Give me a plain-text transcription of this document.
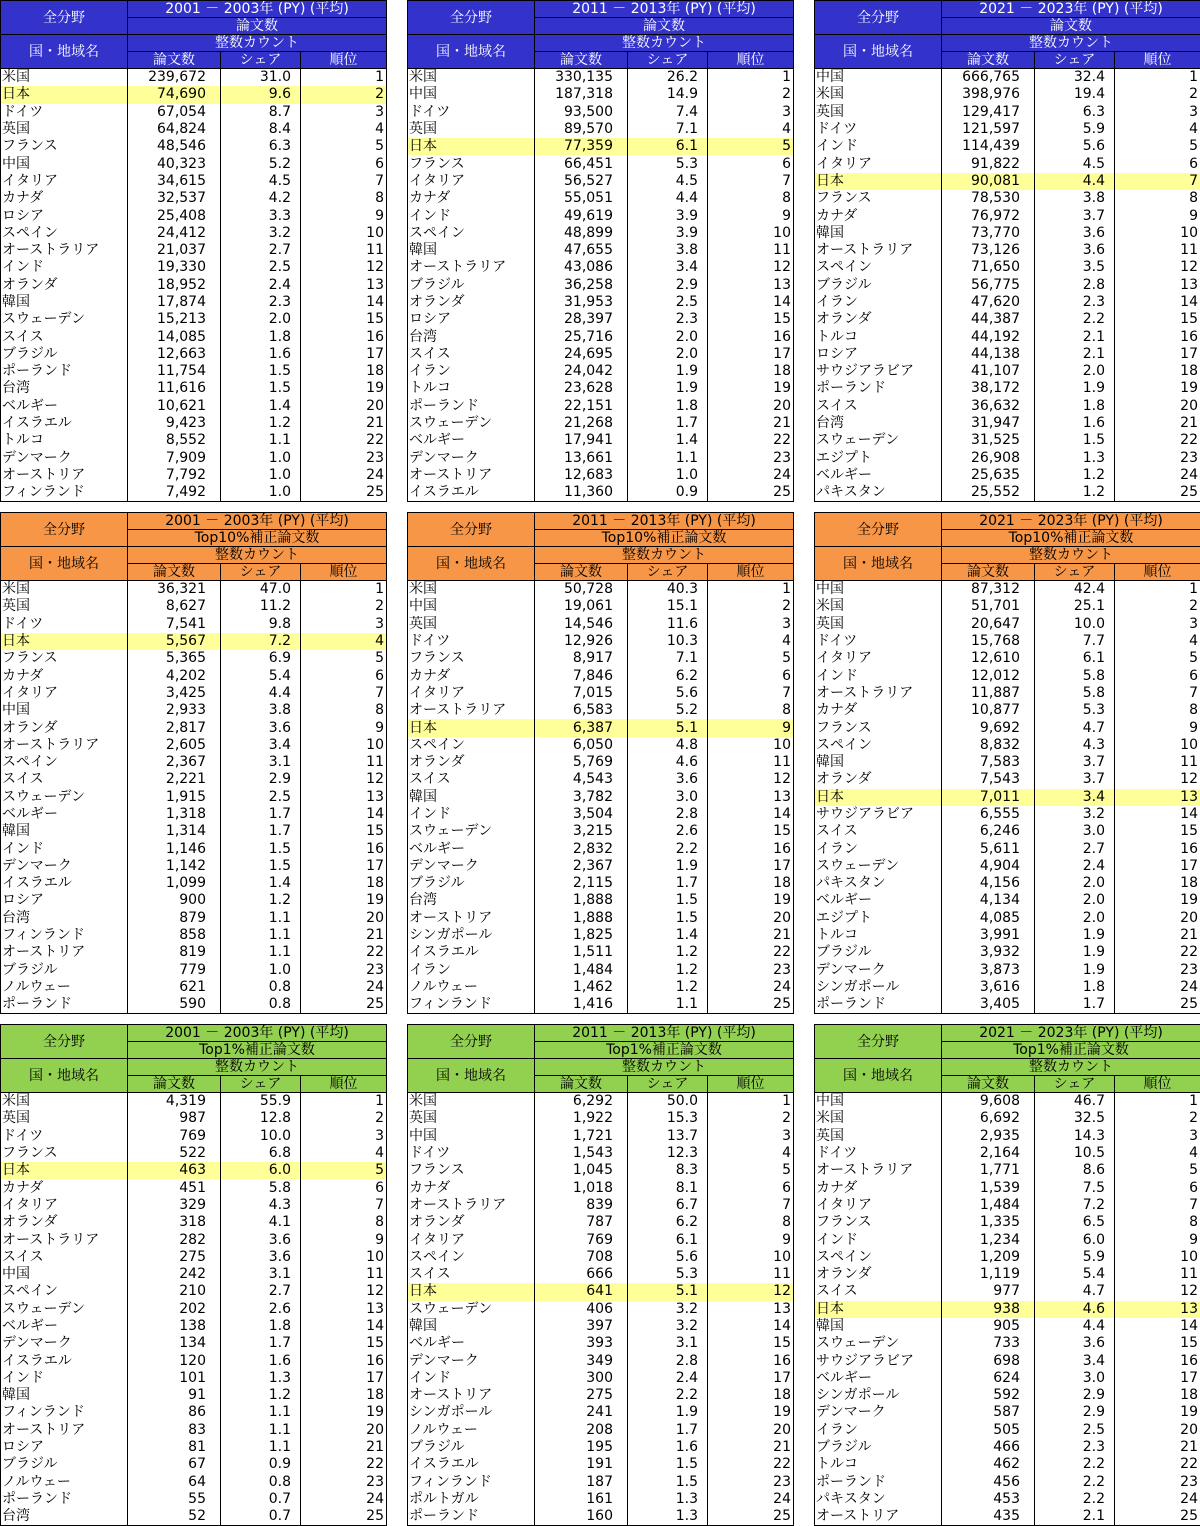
全分野	2001 － 2003年 (PY) (平均)		
	論文数		
国・地域名	整数カウント		
	論文数	シェア	順位
米国	239,672	31.0	1
日本	74,690	9.6	2
ドイツ	67,054	8.7	3
英国	64,824	8.4	4
フランス	48,546	6.3	5
中国	40,323	5.2	6
イタリア	34,615	4.5	7
カナダ	32,537	4.2	8
ロシア	25,408	3.3	9
スペイン	24,412	3.2	10
オーストラリア	21,037	2.7	11
インド	19,330	2.5	12
オランダ	18,952	2.4	13
韓国	17,874	2.3	14
スウェーデン	15,213	2.0	15
スイス	14,085	1.8	16
ブラジル	12,663	1.6	17
ポーランド	11,754	1.5	18
台湾	11,616	1.5	19
ベルギー	10,621	1.4	20
イスラエル	9,423	1.2	21
トルコ	8,552	1.1	22
デンマーク	7,909	1.0	23
オーストリア	7,792	1.0	24
フィンランド	7,492	1.0	25
全分野	2011 － 2013年 (PY) (平均)		
	論文数		
国・地域名	整数カウント		
	論文数	シェア	順位
米国	330,135	26.2	1
中国	187,318	14.9	2
ドイツ	93,500	7.4	3
英国	89,570	7.1	4
日本	77,359	6.1	5
フランス	66,451	5.3	6
イタリア	56,527	4.5	7
カナダ	55,051	4.4	8
インド	49,619	3.9	9
スペイン	48,899	3.9	10
韓国	47,655	3.8	11
オーストラリア	43,086	3.4	12
ブラジル	36,258	2.9	13
オランダ	31,953	2.5	14
ロシア	28,397	2.3	15
台湾	25,716	2.0	16
スイス	24,695	2.0	17
イラン	24,042	1.9	18
トルコ	23,628	1.9	19
ポーランド	22,151	1.8	20
スウェーデン	21,268	1.7	21
ベルギー	17,941	1.4	22
デンマーク	13,661	1.1	23
オーストリア	12,683	1.0	24
イスラエル	11,360	0.9	25
全分野	2021 － 2023年 (PY) (平均)		
	論文数		
国・地域名	整数カウント		
	論文数	シェア	順位
中国	666,765	32.4	1
米国	398,976	19.4	2
英国	129,417	6.3	3
ドイツ	121,597	5.9	4
インド	114,439	5.6	5
イタリア	91,822	4.5	6
日本	90,081	4.4	7
フランス	78,530	3.8	8
カナダ	76,972	3.7	9
韓国	73,770	3.6	10
オーストラリア	73,126	3.6	11
スペイン	71,650	3.5	12
ブラジル	56,775	2.8	13
イラン	47,620	2.3	14
オランダ	44,387	2.2	15
トルコ	44,192	2.1	16
ロシア	44,138	2.1	17
サウジアラビア	41,107	2.0	18
ポーランド	38,172	1.9	19
スイス	36,632	1.8	20
台湾	31,947	1.6	21
スウェーデン	31,525	1.5	22
エジプト	26,908	1.3	23
ベルギー	25,635	1.2	24
パキスタン	25,552	1.2	25
全分野	2001 － 2003年 (PY) (平均)		
	Top10%補正論文数		
国・地域名	整数カウント		
	論文数	シェア	順位
米国	36,321	47.0	1
英国	8,627	11.2	2
ドイツ	7,541	9.8	3
日本	5,567	7.2	4
フランス	5,365	6.9	5
カナダ	4,202	5.4	6
イタリア	3,425	4.4	7
中国	2,933	3.8	8
オランダ	2,817	3.6	9
オーストラリア	2,605	3.4	10
スペイン	2,367	3.1	11
スイス	2,221	2.9	12
スウェーデン	1,915	2.5	13
ベルギー	1,318	1.7	14
韓国	1,314	1.7	15
インド	1,146	1.5	16
デンマーク	1,142	1.5	17
イスラエル	1,099	1.4	18
ロシア	900	1.2	19
台湾	879	1.1	20
フィンランド	858	1.1	21
オーストリア	819	1.1	22
ブラジル	779	1.0	23
ノルウェー	621	0.8	24
ポーランド	590	0.8	25
全分野	2011 － 2013年 (PY) (平均)		
	Top10%補正論文数		
国・地域名	整数カウント		
	論文数	シェア	順位
米国	50,728	40.3	1
中国	19,061	15.1	2
英国	14,546	11.6	3
ドイツ	12,926	10.3	4
フランス	8,917	7.1	5
カナダ	7,846	6.2	6
イタリア	7,015	5.6	7
オーストラリア	6,583	5.2	8
日本	6,387	5.1	9
スペイン	6,050	4.8	10
オランダ	5,769	4.6	11
スイス	4,543	3.6	12
韓国	3,782	3.0	13
インド	3,504	2.8	14
スウェーデン	3,215	2.6	15
ベルギー	2,832	2.2	16
デンマーク	2,367	1.9	17
ブラジル	2,115	1.7	18
台湾	1,888	1.5	19
オーストリア	1,888	1.5	20
シンガポール	1,825	1.4	21
イスラエル	1,511	1.2	22
イラン	1,484	1.2	23
ノルウェー	1,462	1.2	24
フィンランド	1,416	1.1	25
全分野	2021 － 2023年 (PY) (平均)		
	Top10%補正論文数		
国・地域名	整数カウント		
	論文数	シェア	順位
中国	87,312	42.4	1
米国	51,701	25.1	2
英国	20,647	10.0	3
ドイツ	15,768	7.7	4
イタリア	12,610	6.1	5
インド	12,012	5.8	6
オーストラリア	11,887	5.8	7
カナダ	10,877	5.3	8
フランス	9,692	4.7	9
スペイン	8,832	4.3	10
韓国	7,583	3.7	11
オランダ	7,543	3.7	12
日本	7,011	3.4	13
サウジアラビア	6,555	3.2	14
スイス	6,246	3.0	15
イラン	5,611	2.7	16
スウェーデン	4,904	2.4	17
パキスタン	4,156	2.0	18
ベルギー	4,134	2.0	19
エジプト	4,085	2.0	20
トルコ	3,991	1.9	21
ブラジル	3,932	1.9	22
デンマーク	3,873	1.9	23
シンガポール	3,616	1.8	24
ポーランド	3,405	1.7	25
全分野	2001 － 2003年 (PY) (平均)		
	Top1%補正論文数		
国・地域名	整数カウント		
	論文数	シェア	順位
米国	4,319	55.9	1
英国	987	12.8	2
ドイツ	769	10.0	3
フランス	522	6.8	4
日本	463	6.0	5
カナダ	451	5.8	6
イタリア	329	4.3	7
オランダ	318	4.1	8
オーストラリア	282	3.6	9
スイス	275	3.6	10
中国	242	3.1	11
スペイン	210	2.7	12
スウェーデン	202	2.6	13
ベルギー	138	1.8	14
デンマーク	134	1.7	15
イスラエル	120	1.6	16
インド	101	1.3	17
韓国	91	1.2	18
フィンランド	86	1.1	19
オーストリア	83	1.1	20
ロシア	81	1.1	21
ブラジル	67	0.9	22
ノルウェー	64	0.8	23
ポーランド	55	0.7	24
台湾	52	0.7	25
全分野	2011 － 2013年 (PY) (平均)		
	Top1%補正論文数		
国・地域名	整数カウント		
	論文数	シェア	順位
米国	6,292	50.0	1
英国	1,922	15.3	2
中国	1,721	13.7	3
ドイツ	1,543	12.3	4
フランス	1,045	8.3	5
カナダ	1,018	8.1	6
オーストラリア	839	6.7	7
オランダ	787	6.2	8
イタリア	769	6.1	9
スペイン	708	5.6	10
スイス	666	5.3	11
日本	641	5.1	12
スウェーデン	406	3.2	13
韓国	397	3.2	14
ベルギー	393	3.1	15
デンマーク	349	2.8	16
インド	300	2.4	17
オーストリア	275	2.2	18
シンガポール	241	1.9	19
ノルウェー	208	1.7	20
ブラジル	195	1.6	21
イスラエル	191	1.5	22
フィンランド	187	1.5	23
ポルトガル	161	1.3	24
ポーランド	160	1.3	25
全分野	2021 － 2023年 (PY) (平均)		
	Top1%補正論文数		
国・地域名	整数カウント		
	論文数	シェア	順位
中国	9,608	46.7	1
米国	6,692	32.5	2
英国	2,935	14.3	3
ドイツ	2,164	10.5	4
オーストラリア	1,771	8.6	5
カナダ	1,539	7.5	6
イタリア	1,484	7.2	7
フランス	1,335	6.5	8
インド	1,234	6.0	9
スペイン	1,209	5.9	10
オランダ	1,119	5.4	11
スイス	977	4.7	12
日本	938	4.6	13
韓国	905	4.4	14
スウェーデン	733	3.6	15
サウジアラビア	698	3.4	16
ベルギー	624	3.0	17
シンガポール	592	2.9	18
デンマーク	587	2.9	19
イラン	505	2.5	20
ブラジル	466	2.3	21
トルコ	462	2.2	22
ポーランド	456	2.2	23
パキスタン	453	2.2	24
オーストリア	435	2.1	25
